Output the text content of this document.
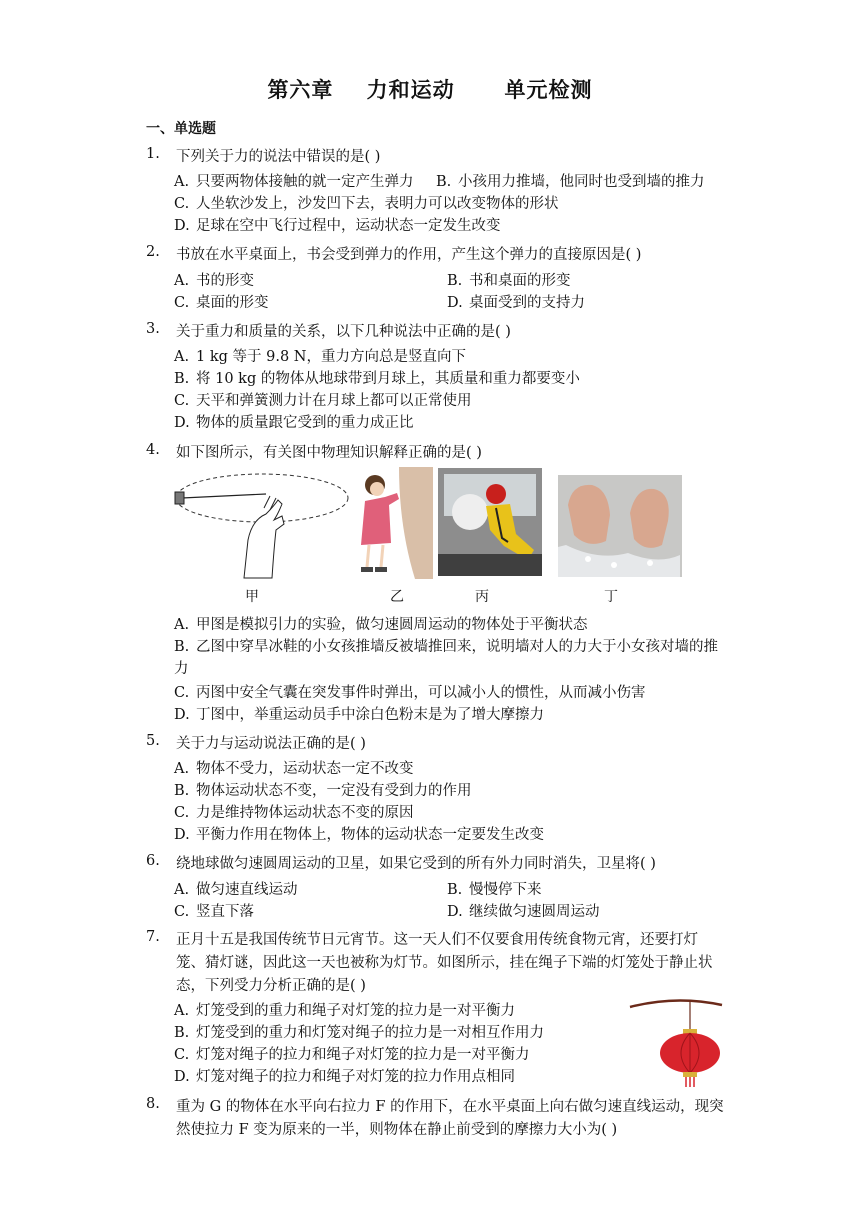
第六章    力和运动      单元检测
一、单选题
1.	下列关于力的说法中错误的是( )
A. 只要两物体接触的就一定产生弹力 B. 小孩用力推墙，他同时也受到墙的推力
C. 人坐软沙发上，沙发凹下去，表明力可以改变物体的形状
D. 足球在空中飞行过程中，运动状态一定发生改变
2.	书放在水平桌面上，书会受到弹力的作用，产生这个弹力的直接原因是( )
A. 书的形变	B. 书和桌面的形变
C. 桌面的形变	D. 桌面受到的支持力
3.	关于重力和质量的关系，以下几种说法中正确的是( )
A. 1 kg 等于 9.8 N，重力方向总是竖直向下
B. 将 10 kg 的物体从地球带到月球上，其质量和重力都要变小
C. 天平和弹簧测力计在月球上都可以正常使用
D. 物体的质量跟它受到的重力成正比
4.	如下图所示，有关图中物理知识解释正确的是( )
甲	乙	丙	丁
A. 甲图是模拟引力的实验，做匀速圆周运动的物体处于平衡状态
B. 乙图中穿旱冰鞋的小女孩推墙反被墙推回来，说明墙对人的力大于小女孩对墙的推力
C. 丙图中安全气囊在突发事件时弹出，可以减小人的惯性，从而减小伤害
D. 丁图中，举重运动员手中涂白色粉末是为了增大摩擦力
5.	关于力与运动说法正确的是( )
A. 物体不受力，运动状态一定不改变
B. 物体运动状态不变，一定没有受到力的作用
C. 力是维持物体运动状态不变的原因
D. 平衡力作用在物体上，物体的运动状态一定要发生改变
6.	绕地球做匀速圆周运动的卫星，如果它受到的所有外力同时消失，卫星将( )
A. 做匀速直线运动	B. 慢慢停下来
C. 竖直下落	D. 继续做匀速圆周运动
7.	正月十五是我国传统节日元宵节。这一天人们不仅要食用传统食物元宵，还要打灯笼、猜灯谜，因此这一天也被称为灯节。如图所示，挂在绳子下端的灯笼处于静止状态，下列受力分析正确的是( )
A. 灯笼受到的重力和绳子对灯笼的拉力是一对平衡力
B. 灯笼受到的重力和灯笼对绳子的拉力是一对相互作用力
C. 灯笼对绳子的拉力和绳子对灯笼的拉力是一对平衡力
D. 灯笼对绳子的拉力和绳子对灯笼的拉力作用点相同
8.	重为 G 的物体在水平向右拉力 F 的作用下，在水平桌面上向右做匀速直线运动，现突然使拉力 F 变为原来的一半，则物体在静止前受到的摩擦力大小为( )
